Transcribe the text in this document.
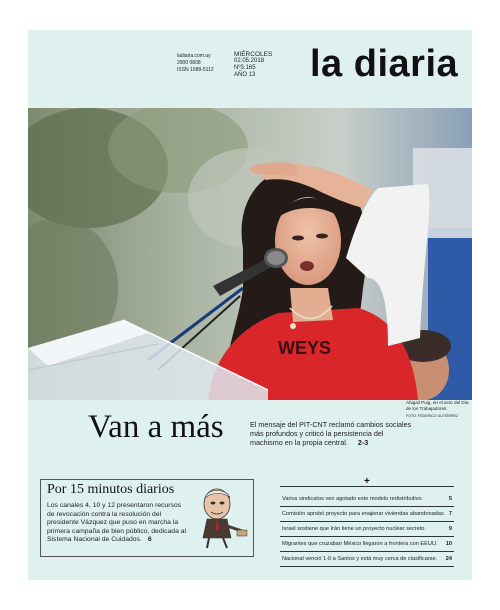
ladiaria.com.uy
2900 0808
ISSN 1688-5112
MIÉRCOLES
02.05.2018
Nº3.165
AÑO 13	la diaria
WEYS
Van a más	El mensaje del PIT-CNT reclamó cambios sociales más profundos y criticó la persistencia del machismo en la propia central. 2-3
Abigail Puig, en el acto del Día de los Trabajadores.
FOTO: FEDERICO GUTIÉRREZ
Por 15 minutos diarios
Los canales 4, 10 y 12 presentaron recursos de revocación contra la resolución del presidente Vázquez que puso en marcha la primera campaña de bien público, dedicada al Sistema Nacional de Cuidados. 6
+
Varios sindicatos ven agotado este modelo redistributivo.	5
Comisión aprobó proyecto para enajenar viviendas abandonadas. 7
Israel sostiene que Irán tiene un proyecto nuclear secreto.	9
Migrantes que cruzaban México llegaron a frontera con EEUU. 10
Nacional venció 1-0 a Santos y está muy cerca de clasificarse. 24
